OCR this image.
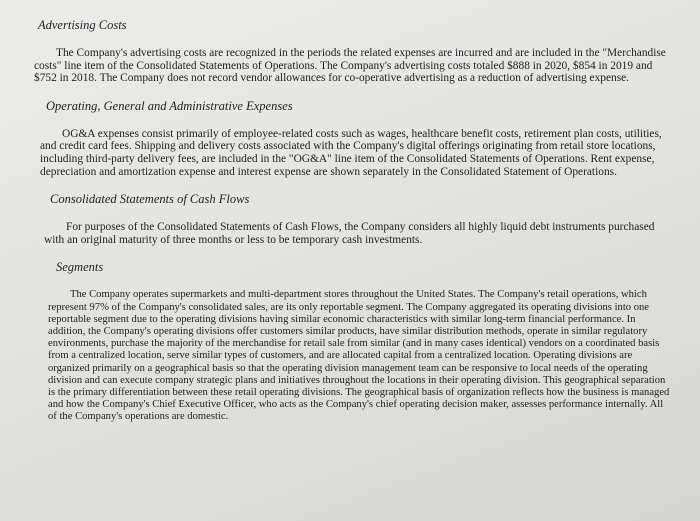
Advertising Costs

The Company's advertising costs are recognized in the periods the related expenses are incurred and are included in the "Merchandise costs" line item of the Consolidated Statements of Operations. The Company's advertising costs totaled $888 in 2020, $854 in 2019 and $752 in 2018. The Company does not record vendor allowances for co-operative advertising as a reduction of advertising expense.

Operating, General and Administrative Expenses

OG&A expenses consist primarily of employee-related costs such as wages, healthcare benefit costs, retirement plan costs, utilities, and credit card fees. Shipping and delivery costs associated with the Company's digital offerings originating from retail store locations, including third-party delivery fees, are included in the "OG&A" line item of the Consolidated Statements of Operations. Rent expense, depreciation and amortization expense and interest expense are shown separately in the Consolidated Statement of Operations.

Consolidated Statements of Cash Flows

For purposes of the Consolidated Statements of Cash Flows, the Company considers all highly liquid debt instruments purchased with an original maturity of three months or less to be temporary cash investments.

Segments

The Company operates supermarkets and multi-department stores throughout the United States. The Company's retail operations, which represent 97% of the Company's consolidated sales, are its only reportable segment. The Company aggregated its operating divisions into one reportable segment due to the operating divisions having similar economic characteristics with similar long-term financial performance. In addition, the Company's operating divisions offer customers similar products, have similar distribution methods, operate in similar regulatory environments, purchase the majority of the merchandise for retail sale from similar (and in many cases identical) vendors on a coordinated basis from a centralized location, serve similar types of customers, and are allocated capital from a centralized location. Operating divisions are organized primarily on a geographical basis so that the operating division management team can be responsive to local needs of the operating division and can execute company strategic plans and initiatives throughout the locations in their operating division. This geographical separation is the primary differentiation between these retail operating divisions. The geographical basis of organization reflects how the business is managed and how the Company's Chief Executive Officer, who acts as the Company's chief operating decision maker, assesses performance internally. All of the Company's operations are domestic.
